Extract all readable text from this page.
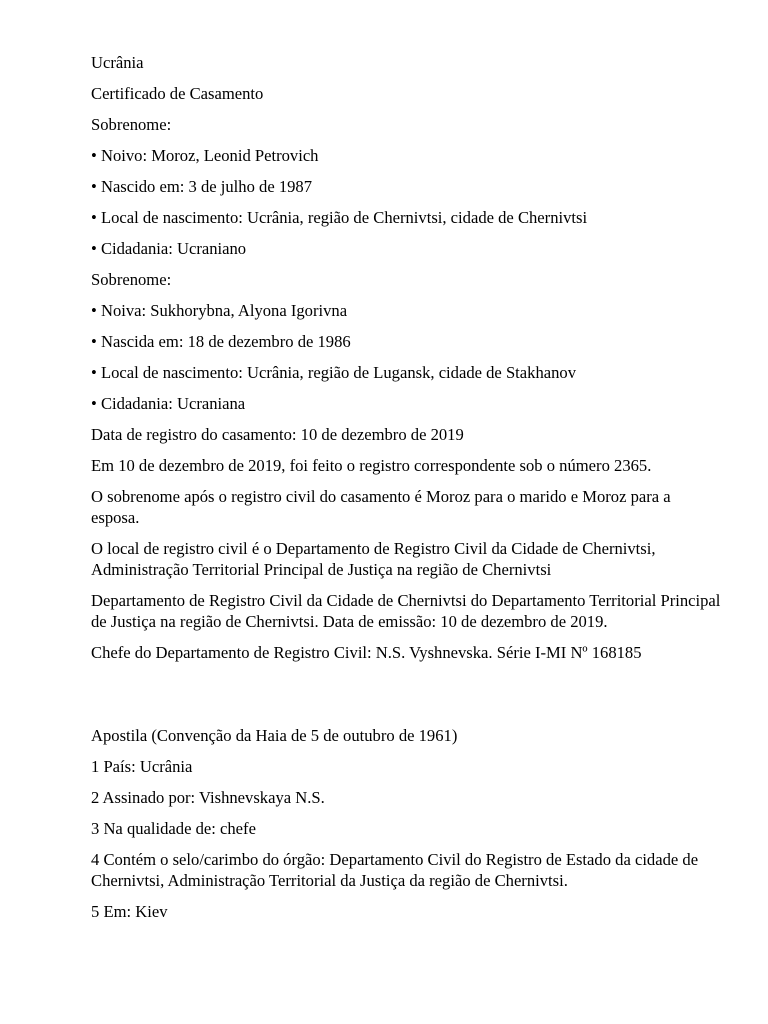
Ucrânia

Certificado de Casamento

Sobrenome:

• Noivo: Moroz, Leonid Petrovich

• Nascido em: 3 de julho de 1987

• Local de nascimento: Ucrânia, região de Chernivtsi, cidade de Chernivtsi

• Cidadania: Ucraniano

Sobrenome:

• Noiva: Sukhorybna, Alyona Igorivna

• Nascida em: 18 de dezembro de 1986

• Local de nascimento: Ucrânia, região de Lugansk, cidade de Stakhanov

• Cidadania: Ucraniana

Data de registro do casamento: 10 de dezembro de 2019

Em 10 de dezembro de 2019, foi feito o registro correspondente sob o número 2365.

O sobrenome após o registro civil do casamento é Moroz para o marido e Moroz para a esposa.

O local de registro civil é o Departamento de Registro Civil da Cidade de Chernivtsi, Administração Territorial Principal de Justiça na região de Chernivtsi

Departamento de Registro Civil da Cidade de Chernivtsi do Departamento Territorial Principal de Justiça na região de Chernivtsi. Data de emissão: 10 de dezembro de 2019.

Chefe do Departamento de Registro Civil: N.S. Vyshnevska. Série I-MI Nº 168185

Apostila (Convenção da Haia de 5 de outubro de 1961)

1 País: Ucrânia

2 Assinado por: Vishnevskaya N.S.

3 Na qualidade de: chefe

4 Contém o selo/carimbo do órgão: Departamento Civil do Registro de Estado da cidade de Chernivtsi, Administração Territorial da Justiça da região de Chernivtsi.

5 Em: Kiev
